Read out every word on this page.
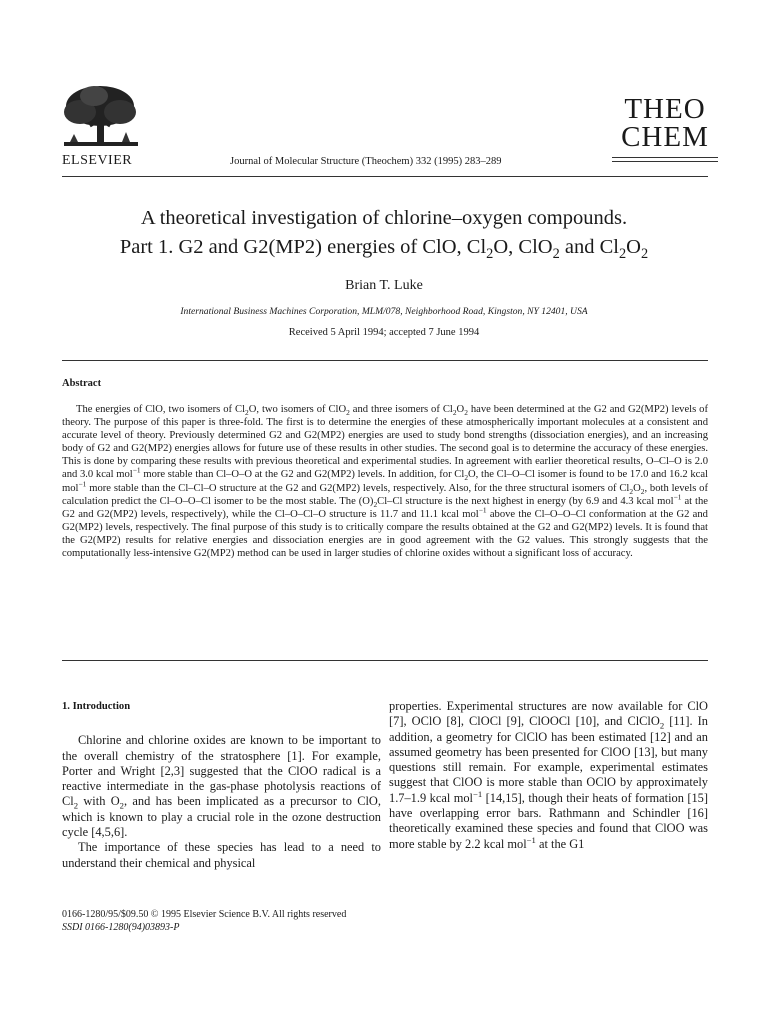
ELSEVIER	Journal of Molecular Structure (Theochem) 332 (1995) 283–289
THEO
CHEM
A theoretical investigation of chlorine–oxygen compounds.
Part 1. G2 and G2(MP2) energies of ClO, $Cl_2O$, ClO$_2$ and $Cl_2O_2$
Brian T. Luke
International Business Machines Corporation, MLM/078, Neighborhood Road, Kingston, NY 12401, USA
Received 5 April 1994; accepted 7 June 1994
Abstract

The energies of ClO, two isomers of $Cl_2O$, two isomers of ClO$_2$ and three isomers of $Cl_2O_2$ have been determined at the G2 and G2(MP2) levels of theory. The purpose of this paper is three-fold. The first is to determine the energies of these atmospherically important molecules at a consistent and accurate level of theory. Previously determined G2 and G2(MP2) energies are used to study bond strengths (dissociation energies), and an increasing body of G2 and G2(MP2) energies allows for future use of these results in other studies. The second goal is to determine the accuracy of these energies. This is done by comparing these results with previous theoretical and experimental studies. In agreement with earlier theoretical results, O–Cl–O is 2.0 and 3.0 kcal mol$^{-1}$ more stable than Cl–O–O at the G2 and G2(MP2) levels. In addition, for $Cl_2O$, the Cl–O–Cl isomer is found to be 17.0 and 16.2 kcal mol$^{-1}$ more stable than the Cl–Cl–O structure at the G2 and G2(MP2) levels, respectively. Also, for the three structural isomers of $Cl_2O_2$, both levels of calculation predict the Cl–O–O–Cl isomer to be the most stable. The $(O)_2Cl-Cl$ structure is the next highest in energy (by 6.9 and 4.3 kcal mol$^{-1}$ at the G2 and G2(MP2) levels, respectively), while the Cl–O–Cl–O structure is 11.7 and 11.1 kcal mol$^{-1}$ above the Cl–O–O–Cl conformation at the G2 and G2(MP2) levels, respectively. The final purpose of this study is to critically compare the results obtained at the G2 and G2(MP2) levels. It is found that the G2(MP2) results for relative energies and dissociation energies are in good agreement with the G2 values. This strongly suggests that the computationally less-intensive G2(MP2) method can be used in larger studies of chlorine oxides without a significant loss of accuracy.

1. Introduction

Chlorine and chlorine oxides are known to be important to the overall chemistry of the stratosphere [1]. For example, Porter and Wright [2,3] suggested that the ClOO radical is a reactive intermediate in the gas-phase photolysis reactions of $Cl_2$ with $O_2$, and has been implicated as a precursor to ClO, which is known to play a crucial role in the ozone destruction cycle [4,5,6].

The importance of these species has lead to a need to understand their chemical and physical

properties. Experimental structures are now available for ClO [7], OClO [8], ClOCl [9], ClOOCl [10], and ClClO$_2$ [11]. In addition, a geometry for ClClO has been estimated [12] and an assumed geometry has been presented for ClOO [13], but many questions still remain. For example, experimental estimates suggest that ClOO is more stable than OClO by approximately 1.7–1.9 kcal mol$^{-1}$ [14,15], though their heats of formation [15] have overlapping error bars. Rathmann and Schindler [16] theoretically examined these species and found that ClOO was more stable by 2.2 kcal mol$^{-1}$ at the G1

0166-1280/95/$09.50 © 1995 Elsevier Science B.V. All rights reserved
SSDI 0166-1280(94)03893-P
